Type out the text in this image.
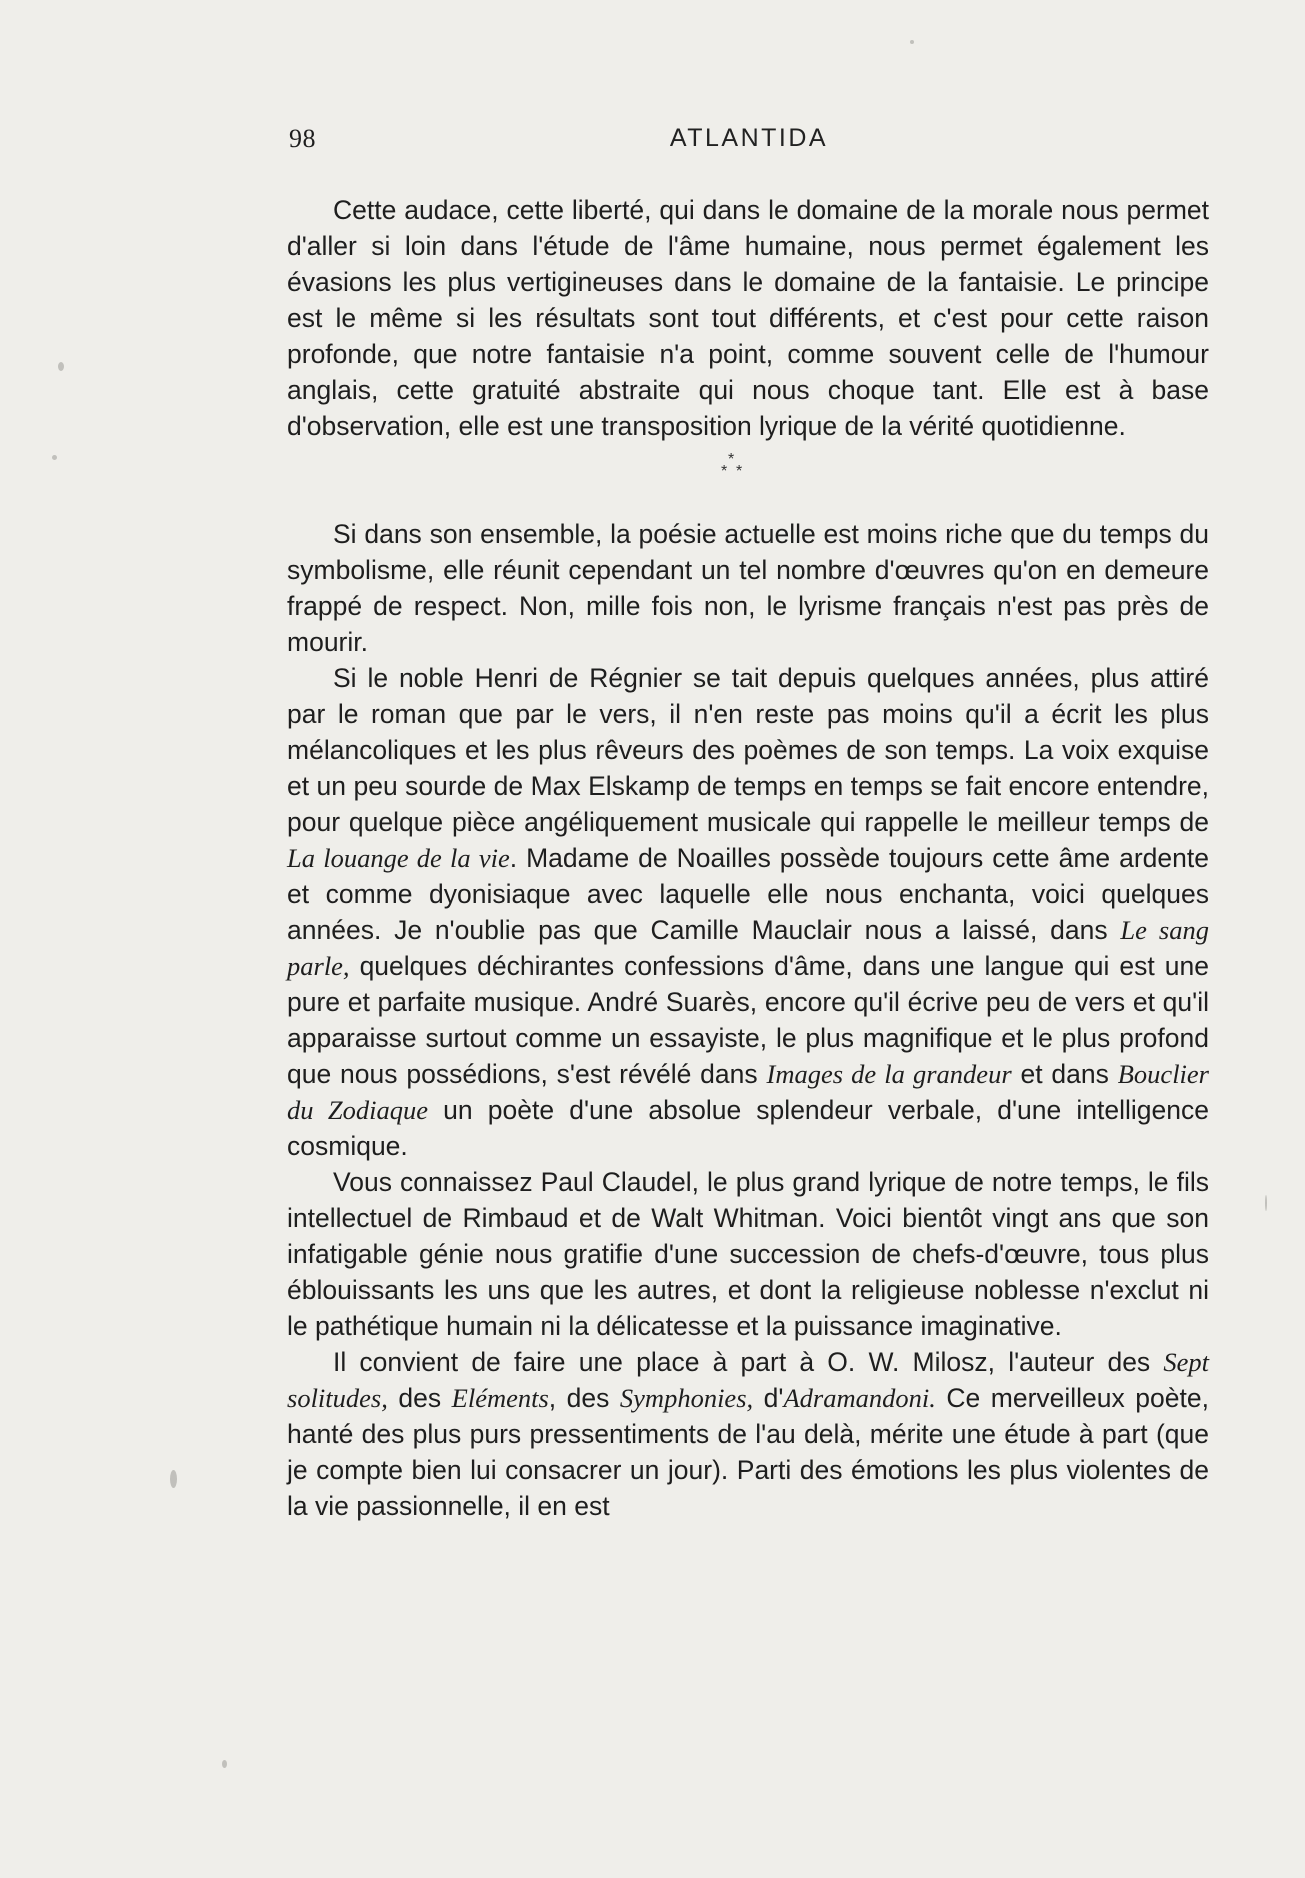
98	ATLANTIDA

Cette audace, cette liberté, qui dans le domaine de la morale nous permet d'aller si loin dans l'étude de l'âme humaine, nous permet également les évasions les plus vertigineuses dans le domaine de la fantaisie. Le principe est le même si les résultats sont tout différents, et c'est pour cette raison profonde, que notre fantaisie n'a point, comme souvent celle de l'humour anglais, cette gratuité abstraite qui nous choque tant. Elle est à base d'observation, elle est une transposition lyrique de la vérité quotidienne.

*
* *

Si dans son ensemble, la poésie actuelle est moins riche que du temps du symbolisme, elle réunit cependant un tel nombre d'œuvres qu'on en demeure frappé de respect. Non, mille fois non, le lyrisme français n'est pas près de mourir.

Si le noble Henri de Régnier se tait depuis quelques années, plus attiré par le roman que par le vers, il n'en reste pas moins qu'il a écrit les plus mélancoliques et les plus rêveurs des poèmes de son temps. La voix exquise et un peu sourde de Max Elskamp de temps en temps se fait encore entendre, pour quelque pièce angéliquement musicale qui rappelle le meilleur temps de La louange de la vie. Madame de Noailles possède toujours cette âme ardente et comme dyonisiaque avec laquelle elle nous enchanta, voici quelques années. Je n'oublie pas que Camille Mauclair nous a laissé, dans Le sang parle, quelques déchirantes confessions d'âme, dans une langue qui est une pure et parfaite musique. André Suarès, encore qu'il écrive peu de vers et qu'il apparaisse surtout comme un essayiste, le plus magnifique et le plus profond que nous possédions, s'est révélé dans Images de la grandeur et dans Bouclier du Zodiaque un poète d'une absolue splendeur verbale, d'une intelligence cosmique.

Vous connaissez Paul Claudel, le plus grand lyrique de notre temps, le fils intellectuel de Rimbaud et de Walt Whitman. Voici bientôt vingt ans que son infatigable génie nous gratifie d'une succession de chefs-d'œuvre, tous plus éblouissants les uns que les autres, et dont la religieuse noblesse n'exclut ni le pathétique humain ni la délicatesse et la puissance imaginative.

Il convient de faire une place à part à O. W. Milosz, l'auteur des Sept solitudes, des Eléments, des Symphonies, d'Adramandoni. Ce merveilleux poète, hanté des plus purs pressentiments de l'au delà, mérite une étude à part (que je compte bien lui consacrer un jour). Parti des émotions les plus violentes de la vie passionnelle, il en est
